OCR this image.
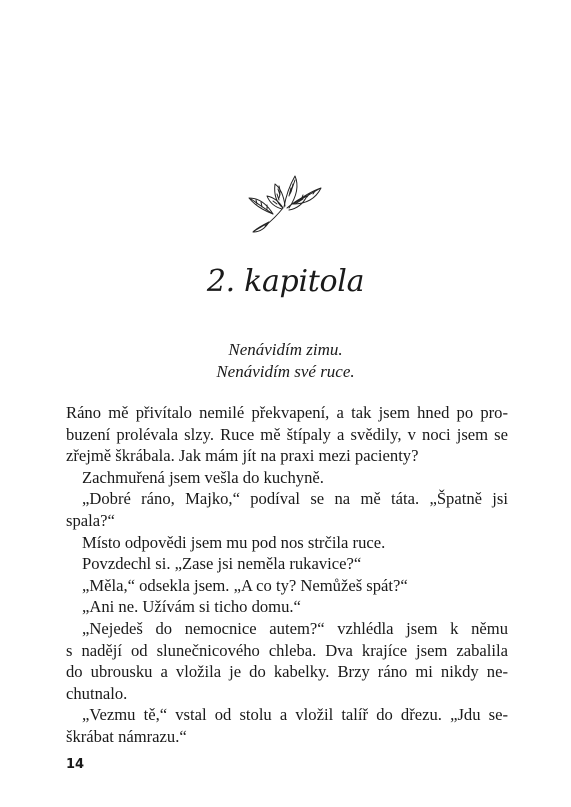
2. kapitola
Nenávidím zimu.
Nenávidím své ruce.
Ráno mě přivítalo nemilé překvapení, a tak jsem hned po pro-
buzení prolévala slzy. Ruce mě štípaly a svědily, v noci jsem se
zřejmě škrábala. Jak mám jít na praxi mezi pacienty?
Zachmuřená jsem vešla do kuchyně.
„Dobré ráno, Majko,“ podíval se na mě táta. „Špatně jsi
spala?“
Místo odpovědi jsem mu pod nos strčila ruce.
Povzdechl si. „Zase jsi neměla rukavice?“
„Měla,“ odsekla jsem. „A co ty? Nemůžeš spát?“
„Ani ne. Užívám si ticho domu.“
„Nejedeš do nemocnice autem?“ vzhlédla jsem k němu
s nadějí od slunečnicového chleba. Dva krajíce jsem zabalila
do ubrousku a vložila je do kabelky. Brzy ráno mi nikdy ne-
chutnalo.
„Vezmu tě,“ vstal od stolu a vložil talíř do dřezu. „Jdu se-
škrábat námrazu.“
14
